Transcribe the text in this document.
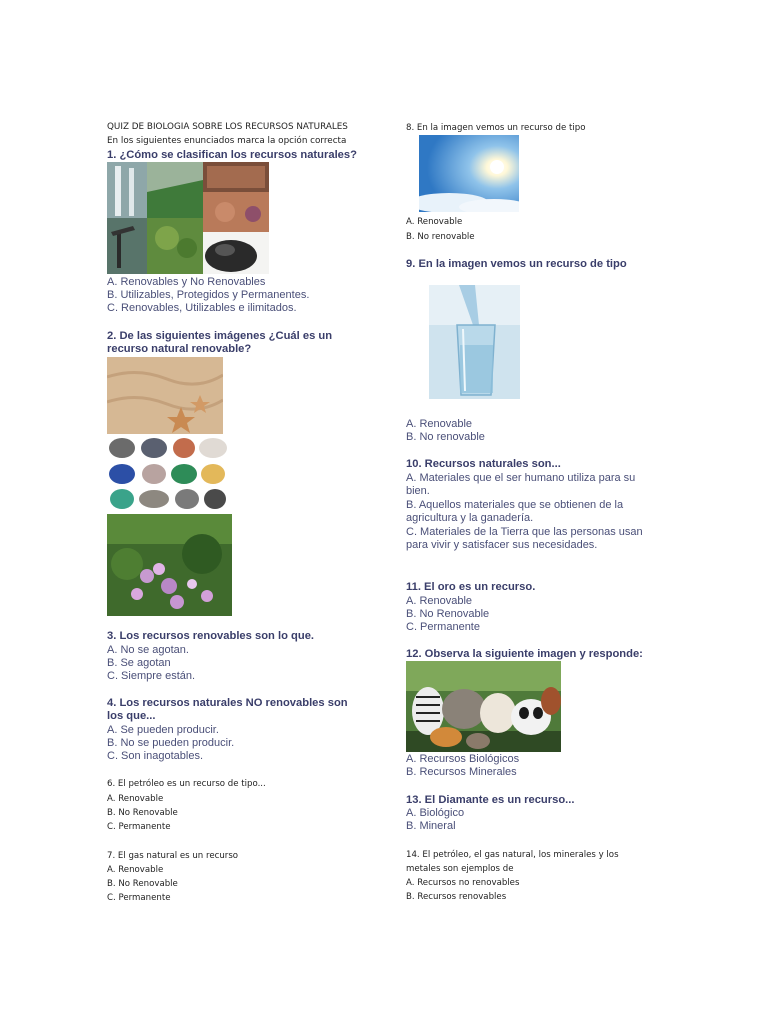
QUIZ DE BIOLOGIA SOBRE LOS RECURSOS NATURALES
En los siguientes enunciados marca la opción correcta
1. ¿Cómo se clasifican los recursos naturales?
A. Renovables y No Renovables
B. Utilizables, Protegidos y Permanentes.
C. Renovables, Utilizables e ilimitados.
2. De las siguientes imágenes ¿Cuál es un recurso natural renovable?
3. Los recursos renovables son lo que.
A. No se agotan.
B. Se agotan
C. Siempre están.
4. Los recursos naturales NO renovables son los que...
A. Se pueden producir.
B. No se pueden producir.
C. Son inagotables.
6. El petróleo es un recurso de tipo...
A. Renovable
B. No Renovable
C. Permanente
7. El gas natural es un recurso
A. Renovable
B. No Renovable
C. Permanente
8. En la imagen vemos un recurso de tipo
A. Renovable
B. No renovable
9. En la imagen vemos un recurso de tipo
A. Renovable
B. No renovable
10. Recursos naturales son...
A. Materiales que el ser humano utiliza para su bien.
B. Aquellos materiales que se obtienen de la agricultura y la ganadería.
C. Materiales de la Tierra que las personas usan para vivir y satisfacer sus necesidades.
11. El oro es un recurso.
A. Renovable
B. No Renovable
C. Permanente
12. Observa la siguiente imagen y responde:
A. Recursos Biológicos
B. Recursos Minerales
13. El Diamante es un recurso...
A. Biológico
B. Mineral
14. El petróleo, el gas natural, los minerales y los metales son ejemplos de
A. Recursos no renovables
B. Recursos renovables
